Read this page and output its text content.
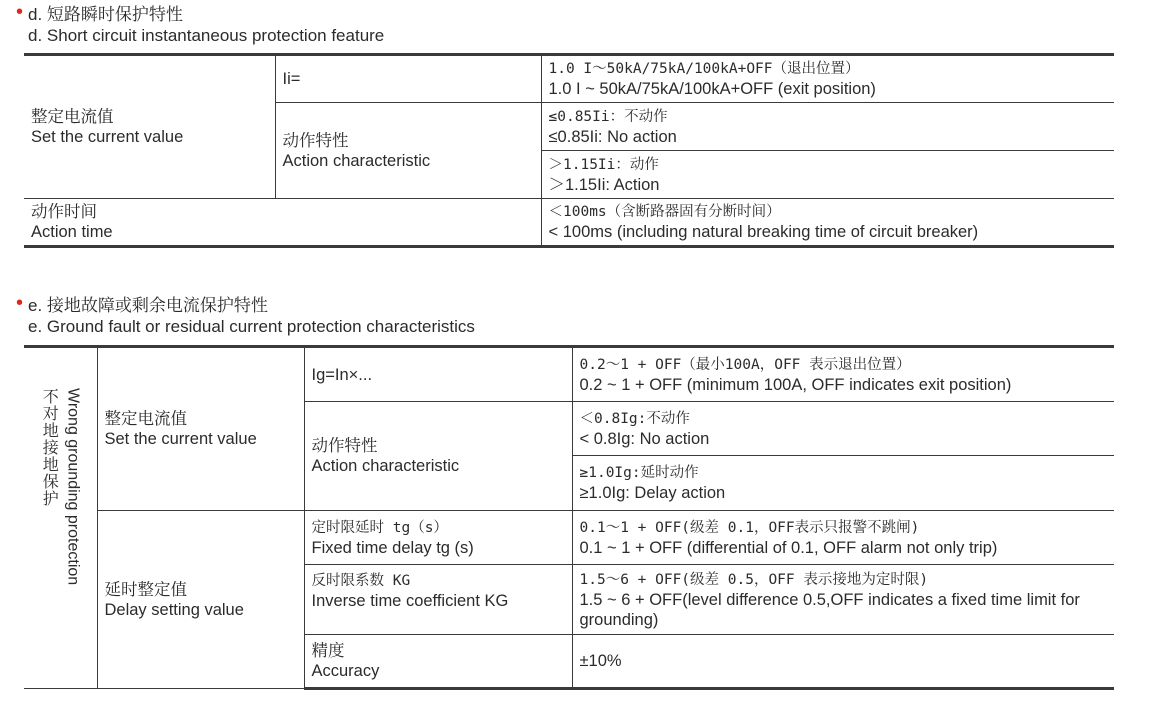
• d. 短路瞬时保护特性
d. Short circuit instantaneous protection feature
整定电流值
Set the current value	Ii=	1.0 I～50kA/75kA/100kA+OFF（退出位置）
1.0 I ~ 50kA/75kA/100kA+OFF (exit position)

	动作特性
Action characteristic	≤0.85Ii：不动作
≤0.85Ii: No action

		＞1.15Ii：动作
＞1.15Ii: Action

动作时间
Action time		＜100ms（含断路器固有分断时间）
< 100ms (including natural breaking time of circuit breaker)
• e. 接地故障或剩余电流保护特性
e. Ground fault or residual current protection characteristics
不对地接地保护 Wrong grounding protection	整定电流值
Set the current value	Ig=In×...	0.2～1 + OFF（最小100A，OFF 表示退出位置）
0.2 ~ 1 + OFF (minimum 100A, OFF indicates exit position)

		动作特性
Action characteristic	＜0.8Ig:不动作
< 0.8Ig: No action

			≥1.0Ig:延时动作
≥1.0Ig: Delay action

	延时整定值
Delay setting value	定时限延时 tg（s）
Fixed time delay tg (s)	0.1～1 + OFF(级差 0.1，OFF表示只报警不跳闸)
0.1 ~ 1 + OFF (differential of 0.1, OFF alarm not only trip)

		反时限系数 KG
Inverse time coefficient KG	1.5～6 + OFF(级差 0.5，OFF 表示接地为定时限)
1.5 ~ 6 + OFF(level difference 0.5,OFF indicates a fixed time limit for grounding)

		精度
Accuracy	±10%
